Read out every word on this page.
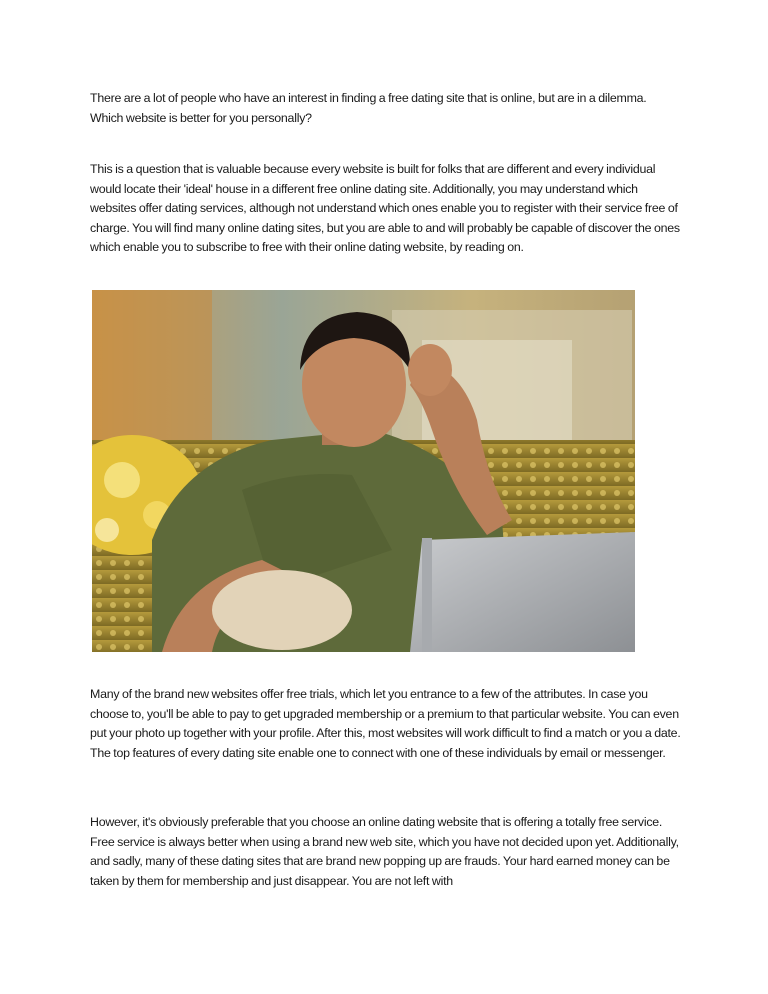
There are a lot of people who have an interest in finding a free dating site that is online, but are in a dilemma. Which website is better for you personally?

This is a question that is valuable because every website is built for folks that are different and every individual would locate their 'ideal' house in a different free online dating site. Additionally, you may understand which websites offer dating services, although not understand which ones enable you to register with their service free of charge. You will find many online dating sites, but you are able to and will probably be capable of discover the ones which enable you to subscribe to free with their online dating website, by reading on.

Many of the brand new websites offer free trials, which let you entrance to a few of the attributes. In case you choose to, you'll be able to pay to get upgraded membership or a premium to that particular website. You can even put your photo up together with your profile. After this, most websites will work difficult to find a match or you a date. The top features of every dating site enable one to connect with one of these individuals by email or messenger.

However, it's obviously preferable that you choose an online dating website that is offering a totally free service. Free service is always better when using a brand new web site, which you have not decided upon yet. Additionally, and sadly, many of these dating sites that are brand new popping up are frauds. Your hard earned money can be taken by them for membership and just disappear. You are not left with
